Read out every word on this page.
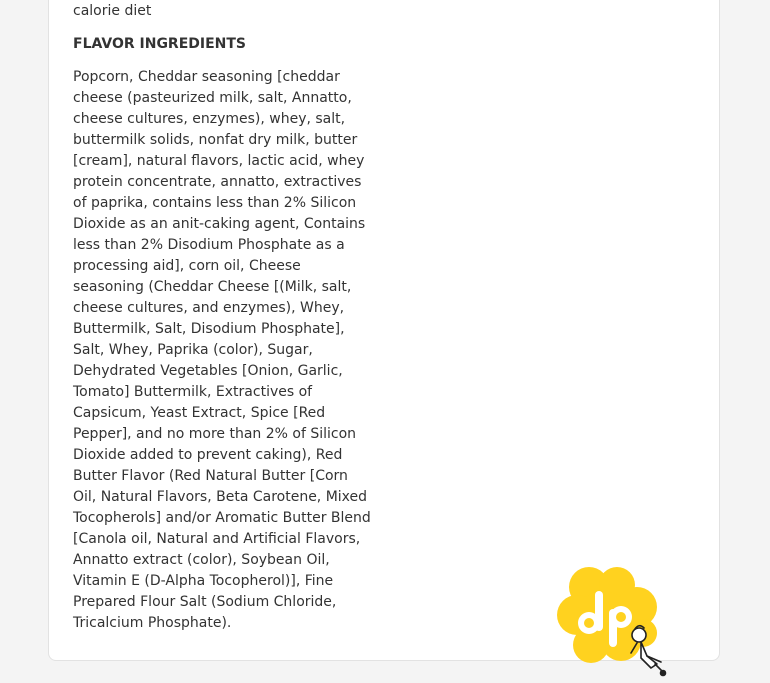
calorie diet

FLAVOR INGREDIENTS

Popcorn, Cheddar seasoning [cheddar cheese (pasteurized milk, salt, Annatto, cheese cultures, enzymes), whey, salt, buttermilk solids, nonfat dry milk, butter [cream], natural flavors, lactic acid, whey protein concentrate, annatto, extractives of paprika, contains less than 2% Silicon Dioxide as an anit-caking agent, Contains less than 2% Disodium Phosphate as a processing aid], corn oil, Cheese seasoning (Cheddar Cheese [(Milk, salt, cheese cultures, and enzymes), Whey, Buttermilk, Salt, Disodium Phosphate], Salt, Whey, Paprika (color), Sugar, Dehydrated Vegetables [Onion, Garlic, Tomato] Buttermilk, Extractives of Capsicum, Yeast Extract, Spice [Red Pepper], and no more than 2% of Silicon Dioxide added to prevent caking), Red Butter Flavor (Red Natural Butter [Corn Oil, Natural Flavors, Beta Carotene, Mixed Tocopherols] and/or Aromatic Butter Blend [Canola oil, Natural and Artificial Flavors, Annatto extract (color), Soybean Oil, Vitamin E (D-Alpha Tocopherol)], Fine Prepared Flour Salt (Sodium Chloride, Tricalcium Phosphate).
